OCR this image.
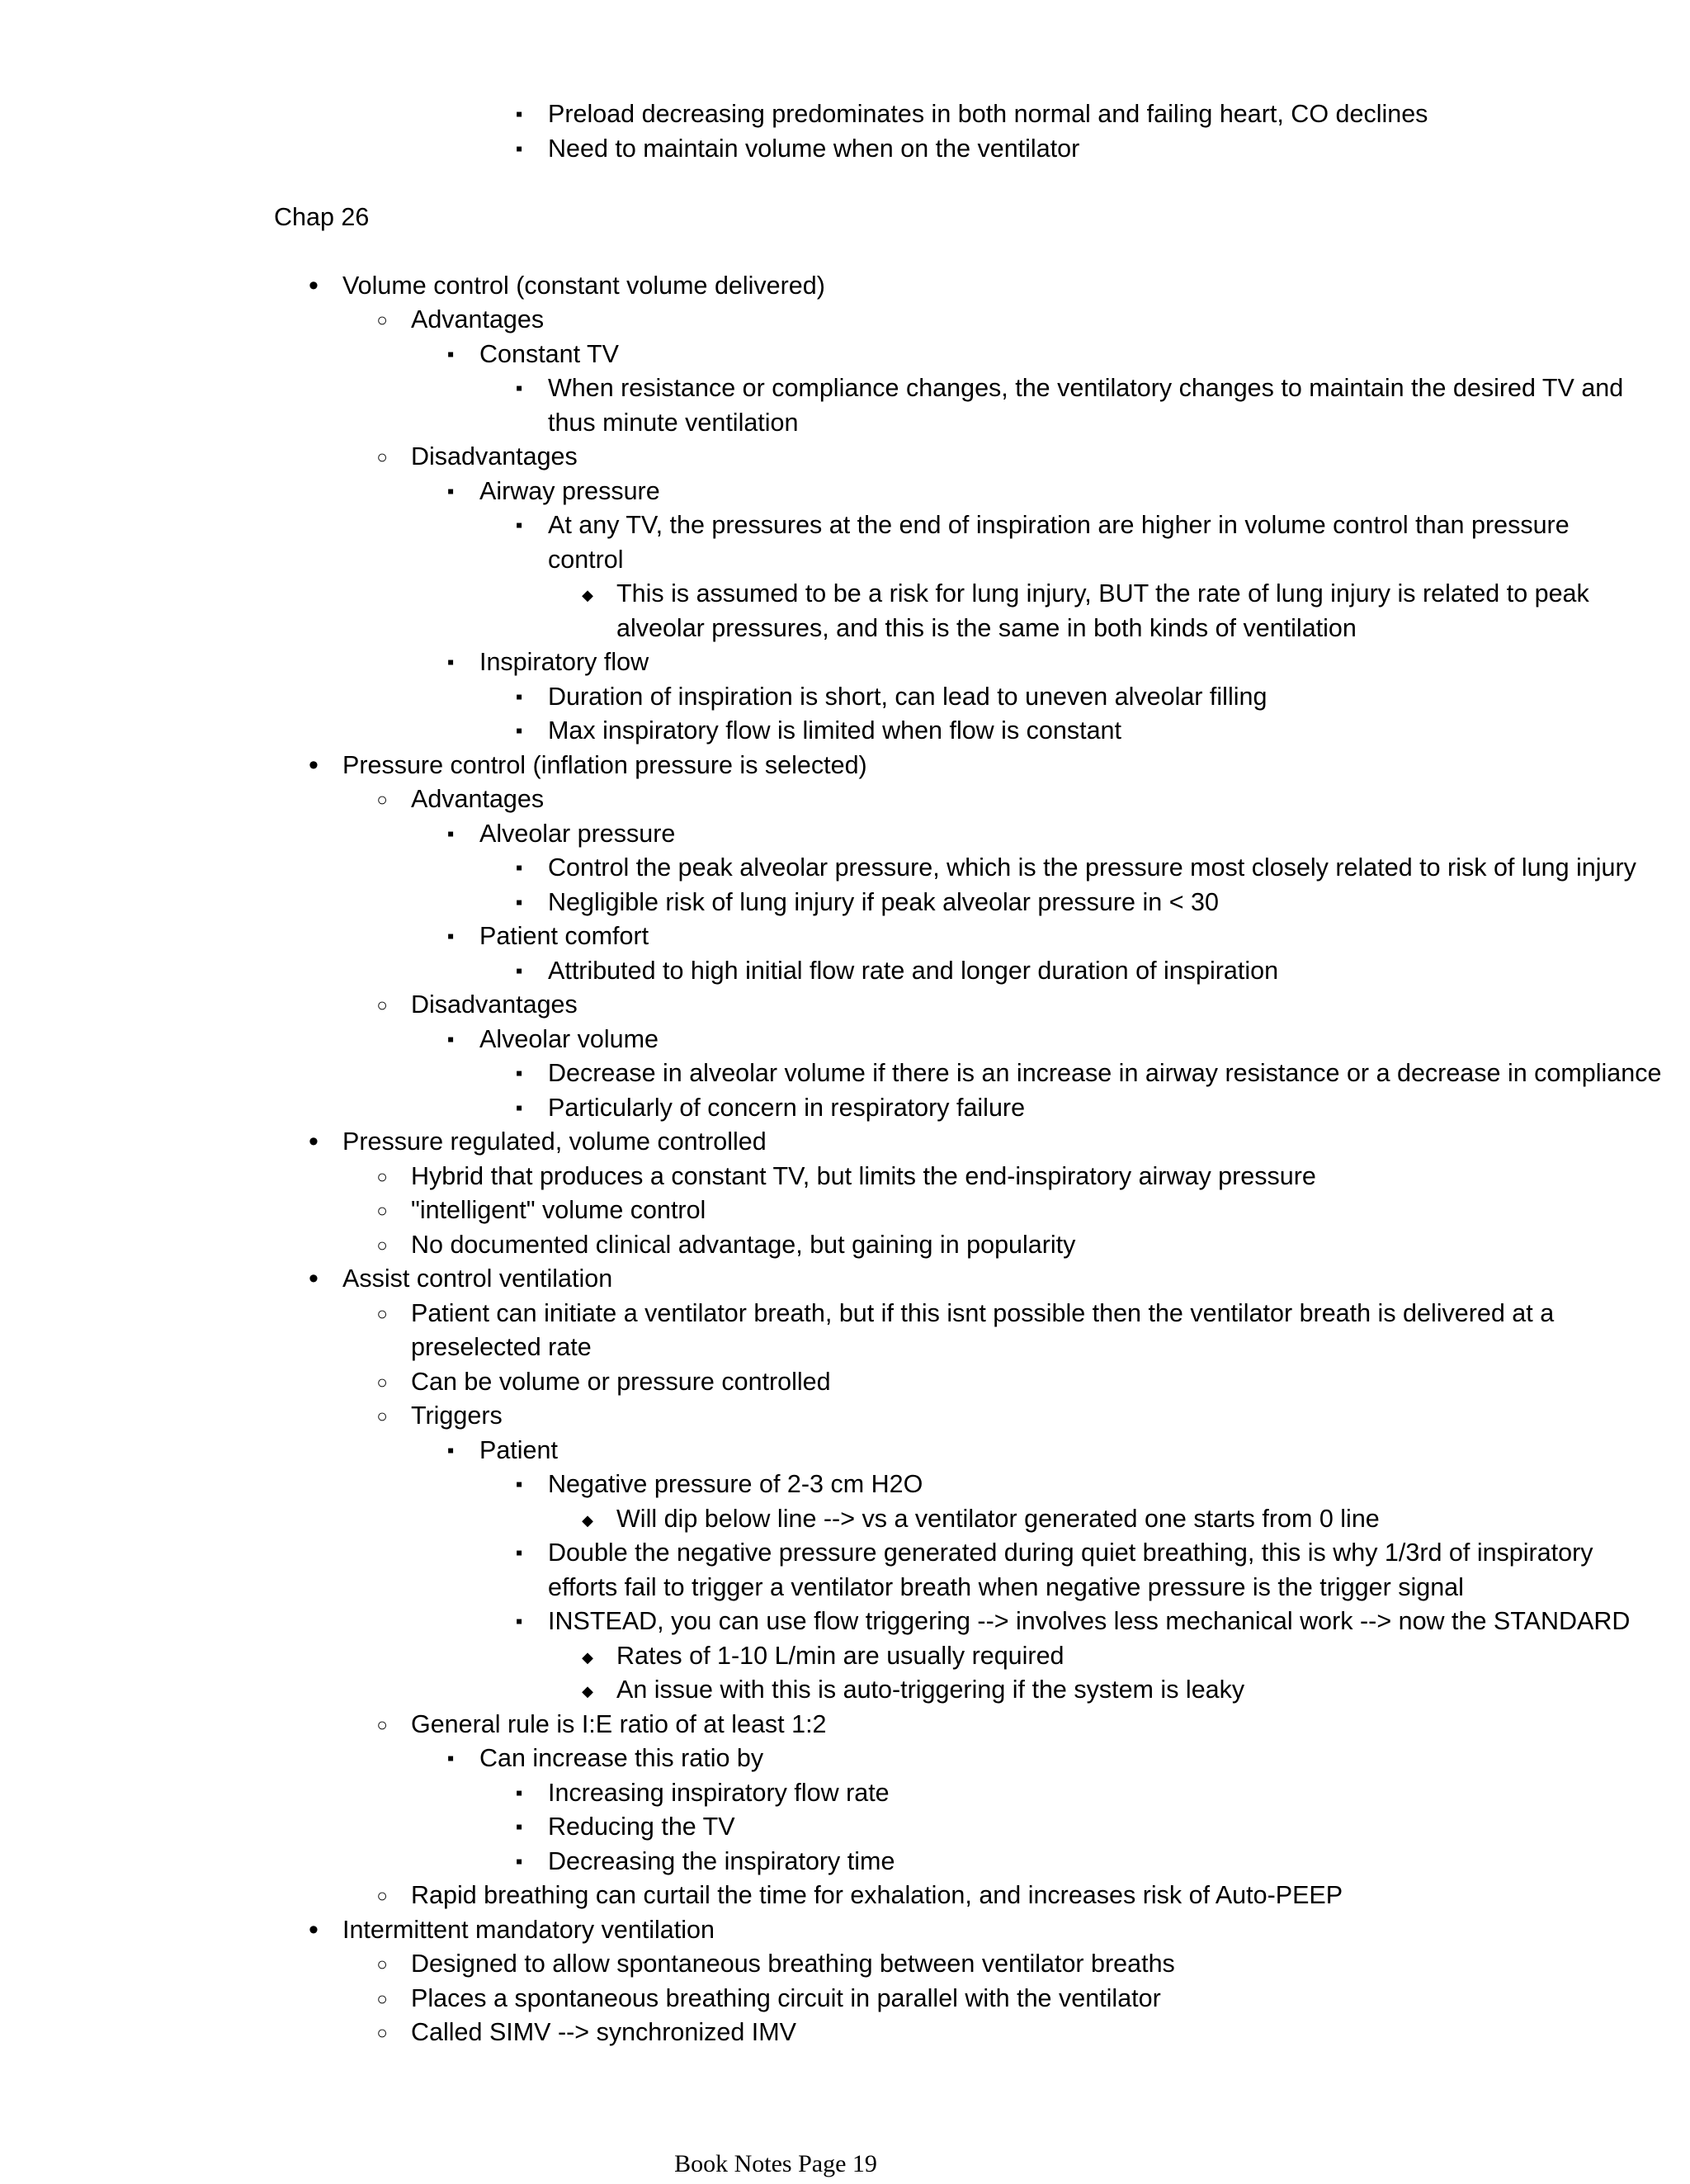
Preload decreasing predominates in both normal and failing heart, CO declines
▪
Need to maintain volume when on the ventilator
▪
Chap 26
Volume control (constant volume delivered)
•
Advantages
○
Constant TV
▪
When resistance or compliance changes, the ventilatory changes to maintain the desired TV and
▪
thus minute ventilation
Disadvantages
○
Airway pressure
▪
At any TV, the pressures at the end of inspiration are higher in volume control than pressure
▪
control
This is assumed to be a risk for lung injury, BUT the rate of lung injury is related to peak
◆
alveolar pressures, and this is the same in both kinds of ventilation
Inspiratory flow
▪
Duration of inspiration is short, can lead to uneven alveolar filling
▪
Max inspiratory flow is limited when flow is constant
▪
Pressure control (inflation pressure is selected)
•
Advantages
○
Alveolar pressure
▪
Control the peak alveolar pressure, which is the pressure most closely related to risk of lung injury
▪
Negligible risk of lung injury if peak alveolar pressure in < 30
▪
Patient comfort
▪
Attributed to high initial flow rate and longer duration of inspiration
▪
Disadvantages
○
Alveolar volume
▪
Decrease in alveolar volume if there is an increase in airway resistance or a decrease in compliance
▪
Particularly of concern in respiratory failure
▪
Pressure regulated, volume controlled
•
Hybrid that produces a constant TV, but limits the end-inspiratory airway pressure
○
"intelligent" volume control
○
No documented clinical advantage, but gaining in popularity
○
Assist control ventilation
•
Patient can initiate a ventilator breath, but if this isnt possible then the ventilator breath is delivered at a
○
preselected rate
Can be volume or pressure controlled
○
Triggers
○
Patient
▪
Negative pressure of 2-3 cm H2O
▪
Will dip below line --> vs a ventilator generated one starts from 0 line
◆
Double the negative pressure generated during quiet breathing, this is why 1/3rd of inspiratory
▪
efforts fail to trigger a ventilator breath when negative pressure is the trigger signal
INSTEAD, you can use flow triggering --> involves less mechanical work --> now the STANDARD
▪
Rates of 1-10 L/min are usually required
◆
An issue with this is auto-triggering if the system is leaky
◆
General rule is I:E ratio of at least 1:2
○
Can increase this ratio by
▪
Increasing inspiratory flow rate
▪
Reducing the TV
▪
Decreasing the inspiratory time
▪
Rapid breathing can curtail the time for exhalation, and increases risk of Auto-PEEP
○
Intermittent mandatory ventilation
•
Designed to allow spontaneous breathing between ventilator breaths
○
Places a spontaneous breathing circuit in parallel with the ventilator
○
Called SIMV --> synchronized IMV
○
Book Notes Page 19
